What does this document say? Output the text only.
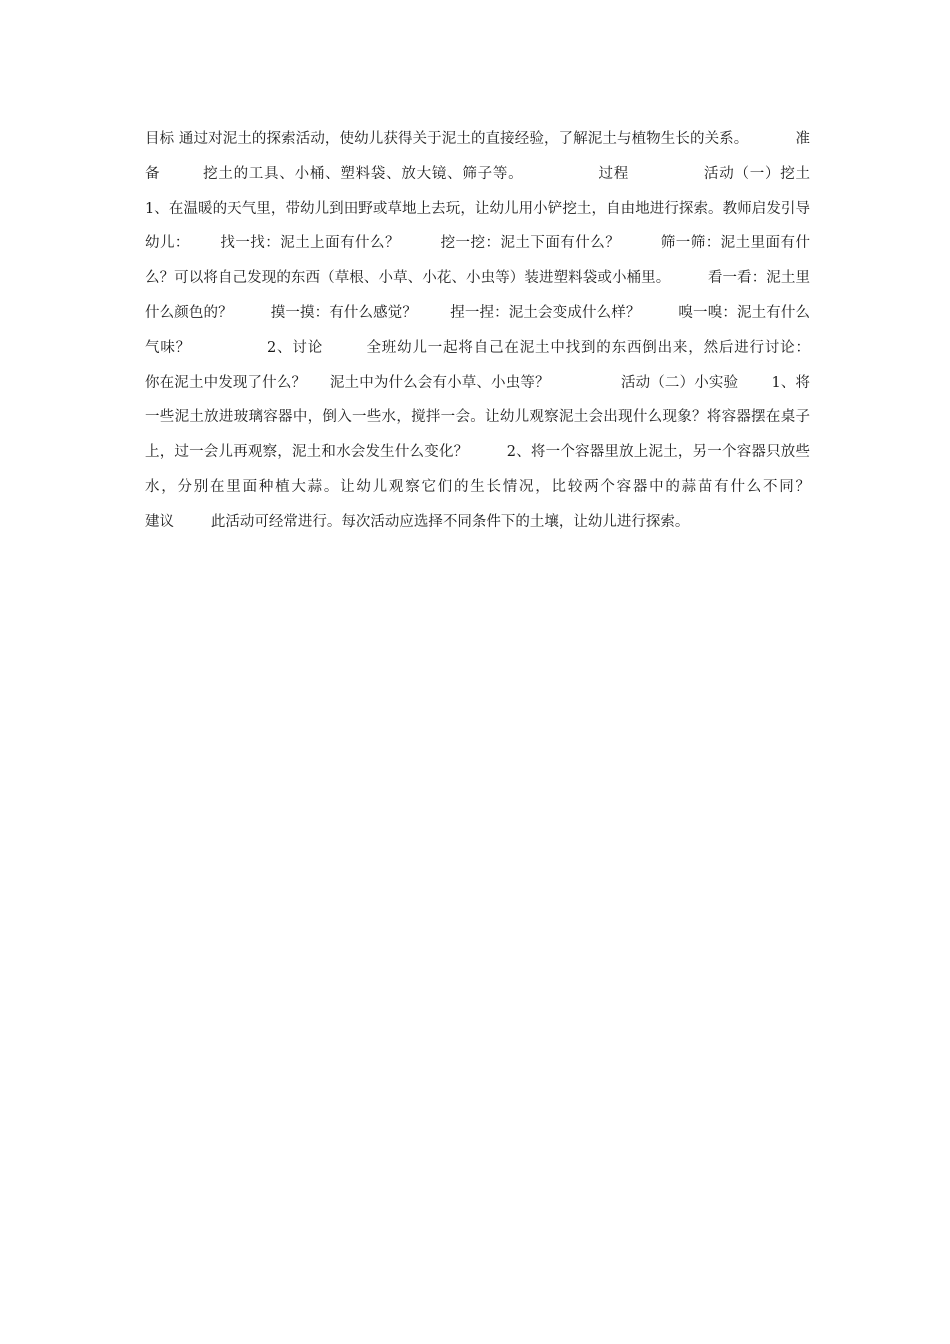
目标 通过对泥土的探索活动，使幼儿获得关于泥土的直接经验，了解泥土与植物生长的关系。          准备        挖土的工具、小桶、塑料袋、放大镜、筛子等。              过程              活动（一）挖土              1、在温暖的天气里，带幼儿到田野或草地上去玩，让幼儿用小铲挖土，自由地进行探索。教师启发引导幼儿：      找一找：泥土上面有什么？        挖一挖：泥土下面有什么？        筛一筛：泥土里面有什么？可以将自己发现的东西（草根、小草、小花、小虫等）装进塑料袋或小桶里。        看一看：泥土里什么颜色的？        摸一摸：有什么感觉？       捏一捏：泥土会变成什么样？        嗅一嗅：泥土有什么气味？              2、讨论        全班幼儿一起将自己在泥土中找到的东西倒出来，然后进行讨论：        你在泥土中发现了什么？     泥土中为什么会有小草、小虫等？               活动（二）小实验       1、将一些泥土放进玻璃容器中，倒入一些水，搅拌一会。让幼儿观察泥土会出现什么现象？将容器摆在桌子上，过一会儿再观察，泥土和水会发生什么变化？        2、将一个容器里放上泥土，另一个容器只放些水，分别在里面种植大蒜。让幼儿观察它们的生长情况，比较两个容器中的蒜苗有什么不同？              建议        此活动可经常进行。每次活动应选择不同条件下的土壤，让幼儿进行探索。
